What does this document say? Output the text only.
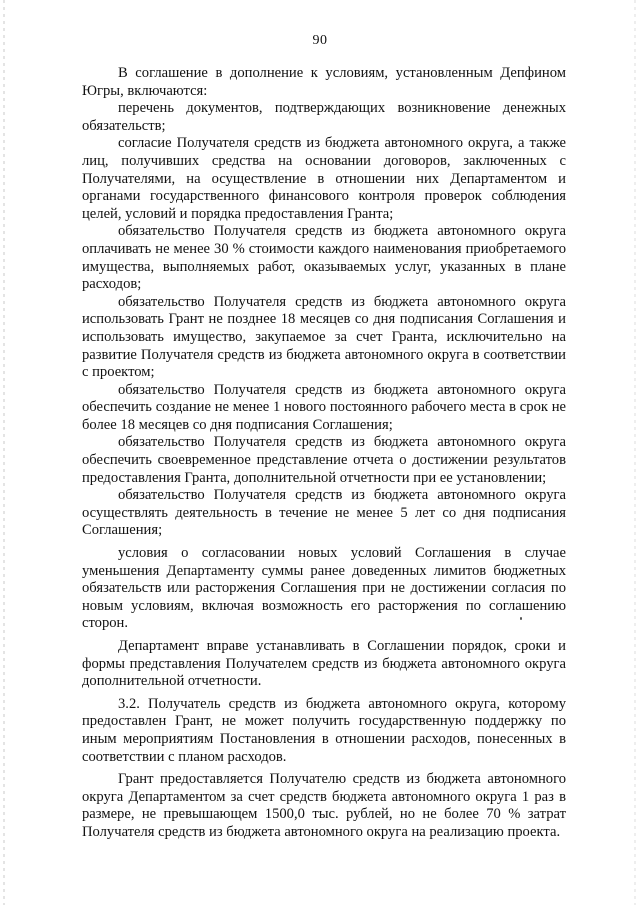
90

В соглашение в дополнение к условиям, установленным Депфином Югры, включаются:

перечень документов, подтверждающих возникновение денежных обязательств;

согласие Получателя средств из бюджета автономного округа, а также лиц, получивших средства на основании договоров, заключенных с Получателями, на осуществление в отношении них Департаментом и органами государственного финансового контроля проверок соблюдения целей, условий и порядка предоставления Гранта;

обязательство Получателя средств из бюджета автономного округа оплачивать не менее 30 % стоимости каждого наименования приобретаемого имущества, выполняемых работ, оказываемых услуг, указанных в плане расходов;

обязательство Получателя средств из бюджета автономного округа использовать Грант не позднее 18 месяцев со дня подписания Соглашения и использовать имущество, закупаемое за счет Гранта, исключительно на развитие Получателя средств из бюджета автономного округа в соответствии с проектом;

обязательство Получателя средств из бюджета автономного округа обеспечить создание не менее 1 нового постоянного рабочего места в срок не более 18 месяцев со дня подписания Соглашения;

обязательство Получателя средств из бюджета автономного округа обеспечить своевременное представление отчета о достижении результатов предоставления Гранта, дополнительной отчетности при ее установлении;

обязательство Получателя средств из бюджета автономного округа осуществлять деятельность в течение не менее 5 лет со дня подписания Соглашения;

условия о согласовании новых условий Соглашения в случае уменьшения Департаменту суммы ранее доведенных лимитов бюджетных обязательств или расторжения Соглашения при не достижении согласия по новым условиям, включая возможность его расторжения по соглашению сторон.

Департамент вправе устанавливать в Соглашении порядок, сроки и формы представления Получателем средств из бюджета автономного округа дополнительной отчетности.

3.2. Получатель средств из бюджета автономного округа, которому предоставлен Грант, не может получить государственную поддержку по иным мероприятиям Постановления в отношении расходов, понесенных в соответствии с планом расходов.

Грант предоставляется Получателю средств из бюджета автономного округа Департаментом за счет средств бюджета автономного округа 1 раз в размере, не превышающем 1500,0 тыс. рублей, но не более 70 % затрат Получателя средств из бюджета автономного округа на реализацию проекта.
